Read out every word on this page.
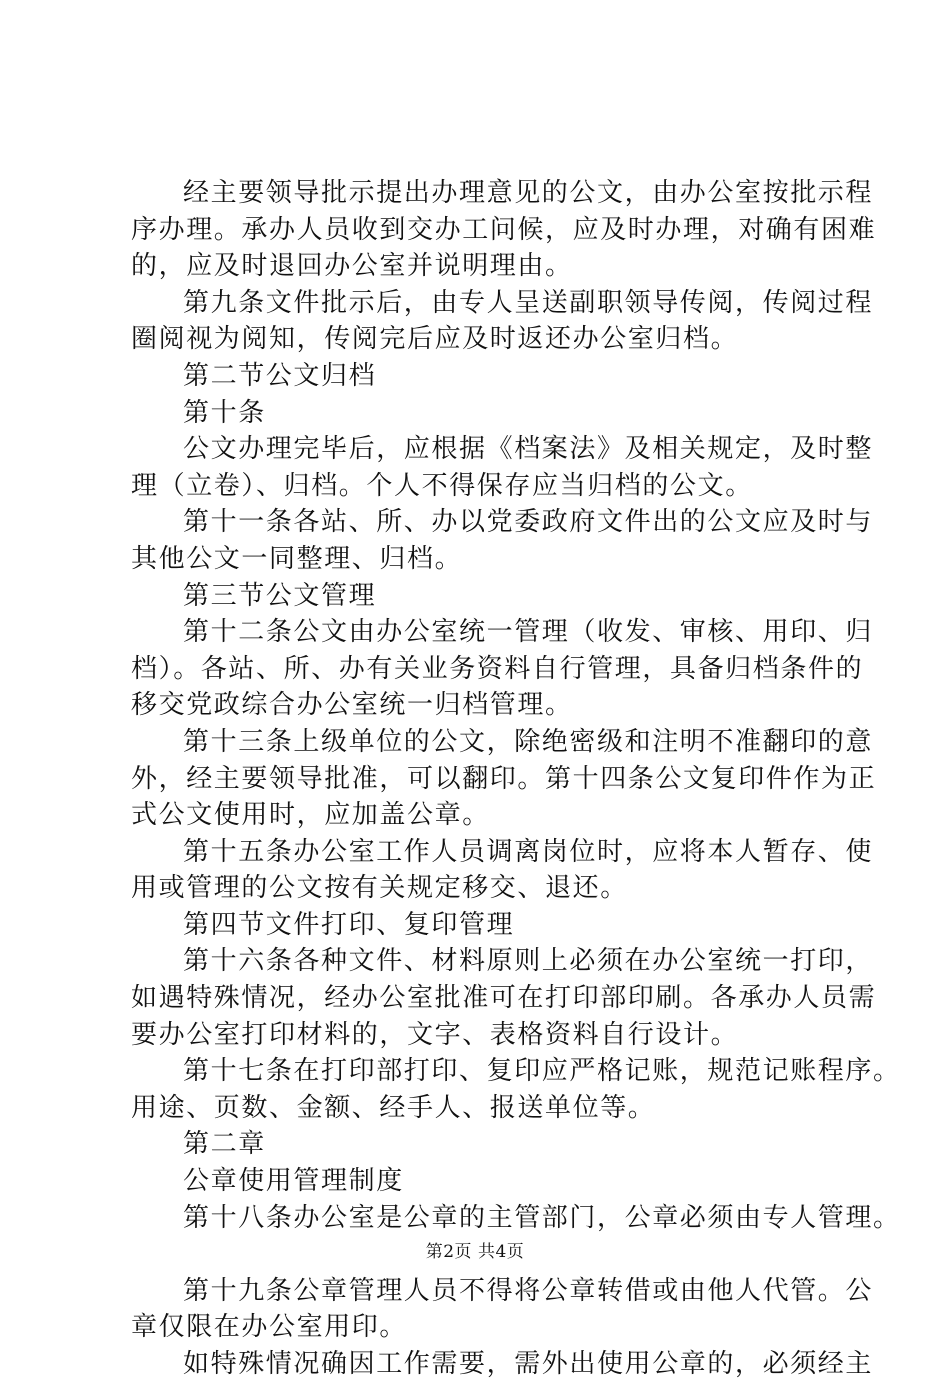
经主要领导批示提出办理意见的公文，由办公室按批示程
序办理。承办人员收到交办工问候，应及时办理，对确有困难
的，应及时退回办公室并说明理由。
第九条文件批示后，由专人呈送副职领导传阅，传阅过程
圈阅视为阅知，传阅完后应及时返还办公室归档。
第二节公文归档
第十条
公文办理完毕后，应根据《档案法》及相关规定，及时整
理（立卷）、归档。个人不得保存应当归档的公文。
第十一条各站、所、办以党委政府文件出的公文应及时与
其他公文一同整理、归档。
第三节公文管理
第十二条公文由办公室统一管理（收发、审核、用印、归
档）。各站、所、办有关业务资料自行管理，具备归档条件的
移交党政综合办公室统一归档管理。
第十三条上级单位的公文，除绝密级和注明不准翻印的意
外，经主要领导批准，可以翻印。第十四条公文复印件作为正
式公文使用时，应加盖公章。
第十五条办公室工作人员调离岗位时，应将本人暂存、使
用或管理的公文按有关规定移交、退还。
第四节文件打印、复印管理
第十六条各种文件、材料原则上必须在办公室统一打印，
如遇特殊情况，经办公室批准可在打印部印刷。各承办人员需
要办公室打印材料的，文字、表格资料自行设计。
第十七条在打印部打印、复印应严格记账，规范记账程序。
用途、页数、金额、经手人、报送单位等。
第二章
公章使用管理制度
第十八条办公室是公章的主管部门，公章必须由专人管理。
第十九条公章管理人员不得将公章转借或由他人代管。公
章仅限在办公室用印。
如特殊情况确因工作需要，需外出使用公章的，必须经主
第2页 共4页
